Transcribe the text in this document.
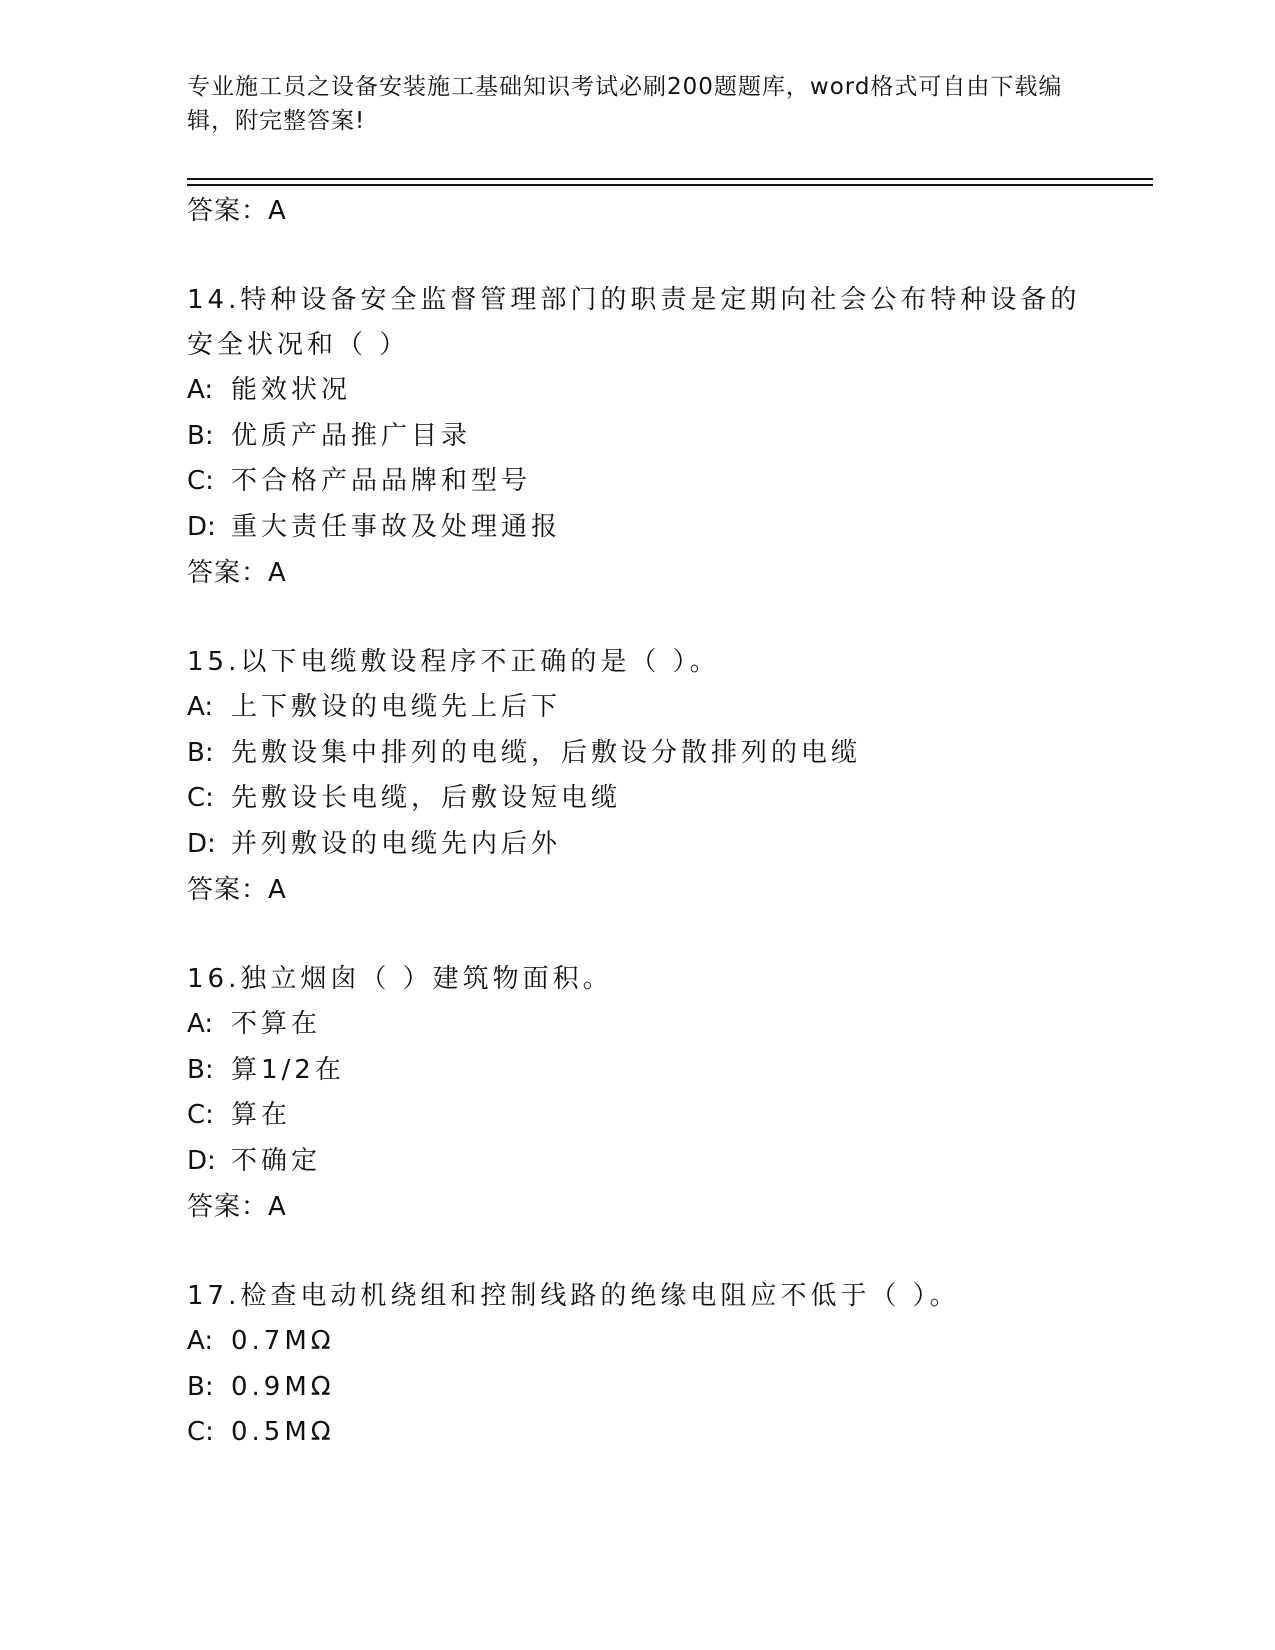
专业施工员之设备安装施工基础知识考试必刷200题题库，word格式可自由下载编辑，附完整答案!
答案：A
14.特种设备安全监督管理部门的职责是定期向社会公布特种设备的安全状况和（ ）
A: 能效状况
B: 优质产品推广目录
C: 不合格产品品牌和型号
D: 重大责任事故及处理通报
答案：A
15.以下电缆敷设程序不正确的是（ ）。
A: 上下敷设的电缆先上后下
B: 先敷设集中排列的电缆，后敷设分散排列的电缆
C: 先敷设长电缆，后敷设短电缆
D: 并列敷设的电缆先内后外
答案：A
16.独立烟囱（ ）建筑物面积。
A: 不算在
B: 算1/2在
C: 算在
D: 不确定
答案：A
17.检查电动机绕组和控制线路的绝缘电阻应不低于（ ）。
A: 0.7MΩ
B: 0.9MΩ
C: 0.5MΩ
